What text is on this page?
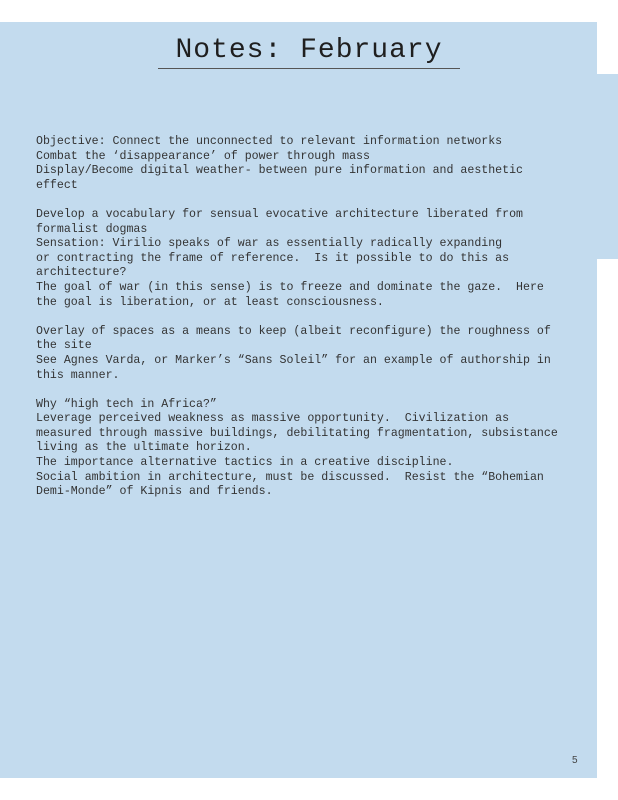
Notes: February
Objective: Connect the unconnected to relevant information networks
Combat the ‘disappearance’ of power through mass
Display/Become digital weather- between pure information and aesthetic
effect
Develop a vocabulary for sensual evocative architecture liberated from
formalist dogmas
Sensation: Virilio speaks of war as essentially radically expanding
or contracting the frame of reference.  Is it possible to do this as
architecture?
The goal of war (in this sense) is to freeze and dominate the gaze.  Here
the goal is liberation, or at least consciousness.
Overlay of spaces as a means to keep (albeit reconfigure) the roughness of
the site
See Agnes Varda, or Marker’s “Sans Soleil” for an example of authorship in
this manner.
Why “high tech in Africa?”
Leverage perceived weakness as massive opportunity.  Civilization as
measured through massive buildings, debilitating fragmentation, subsistance
living as the ultimate horizon.
The importance alternative tactics in a creative discipline.
Social ambition in architecture, must be discussed.  Resist the “Bohemian
Demi-Monde” of Kipnis and friends.
5
